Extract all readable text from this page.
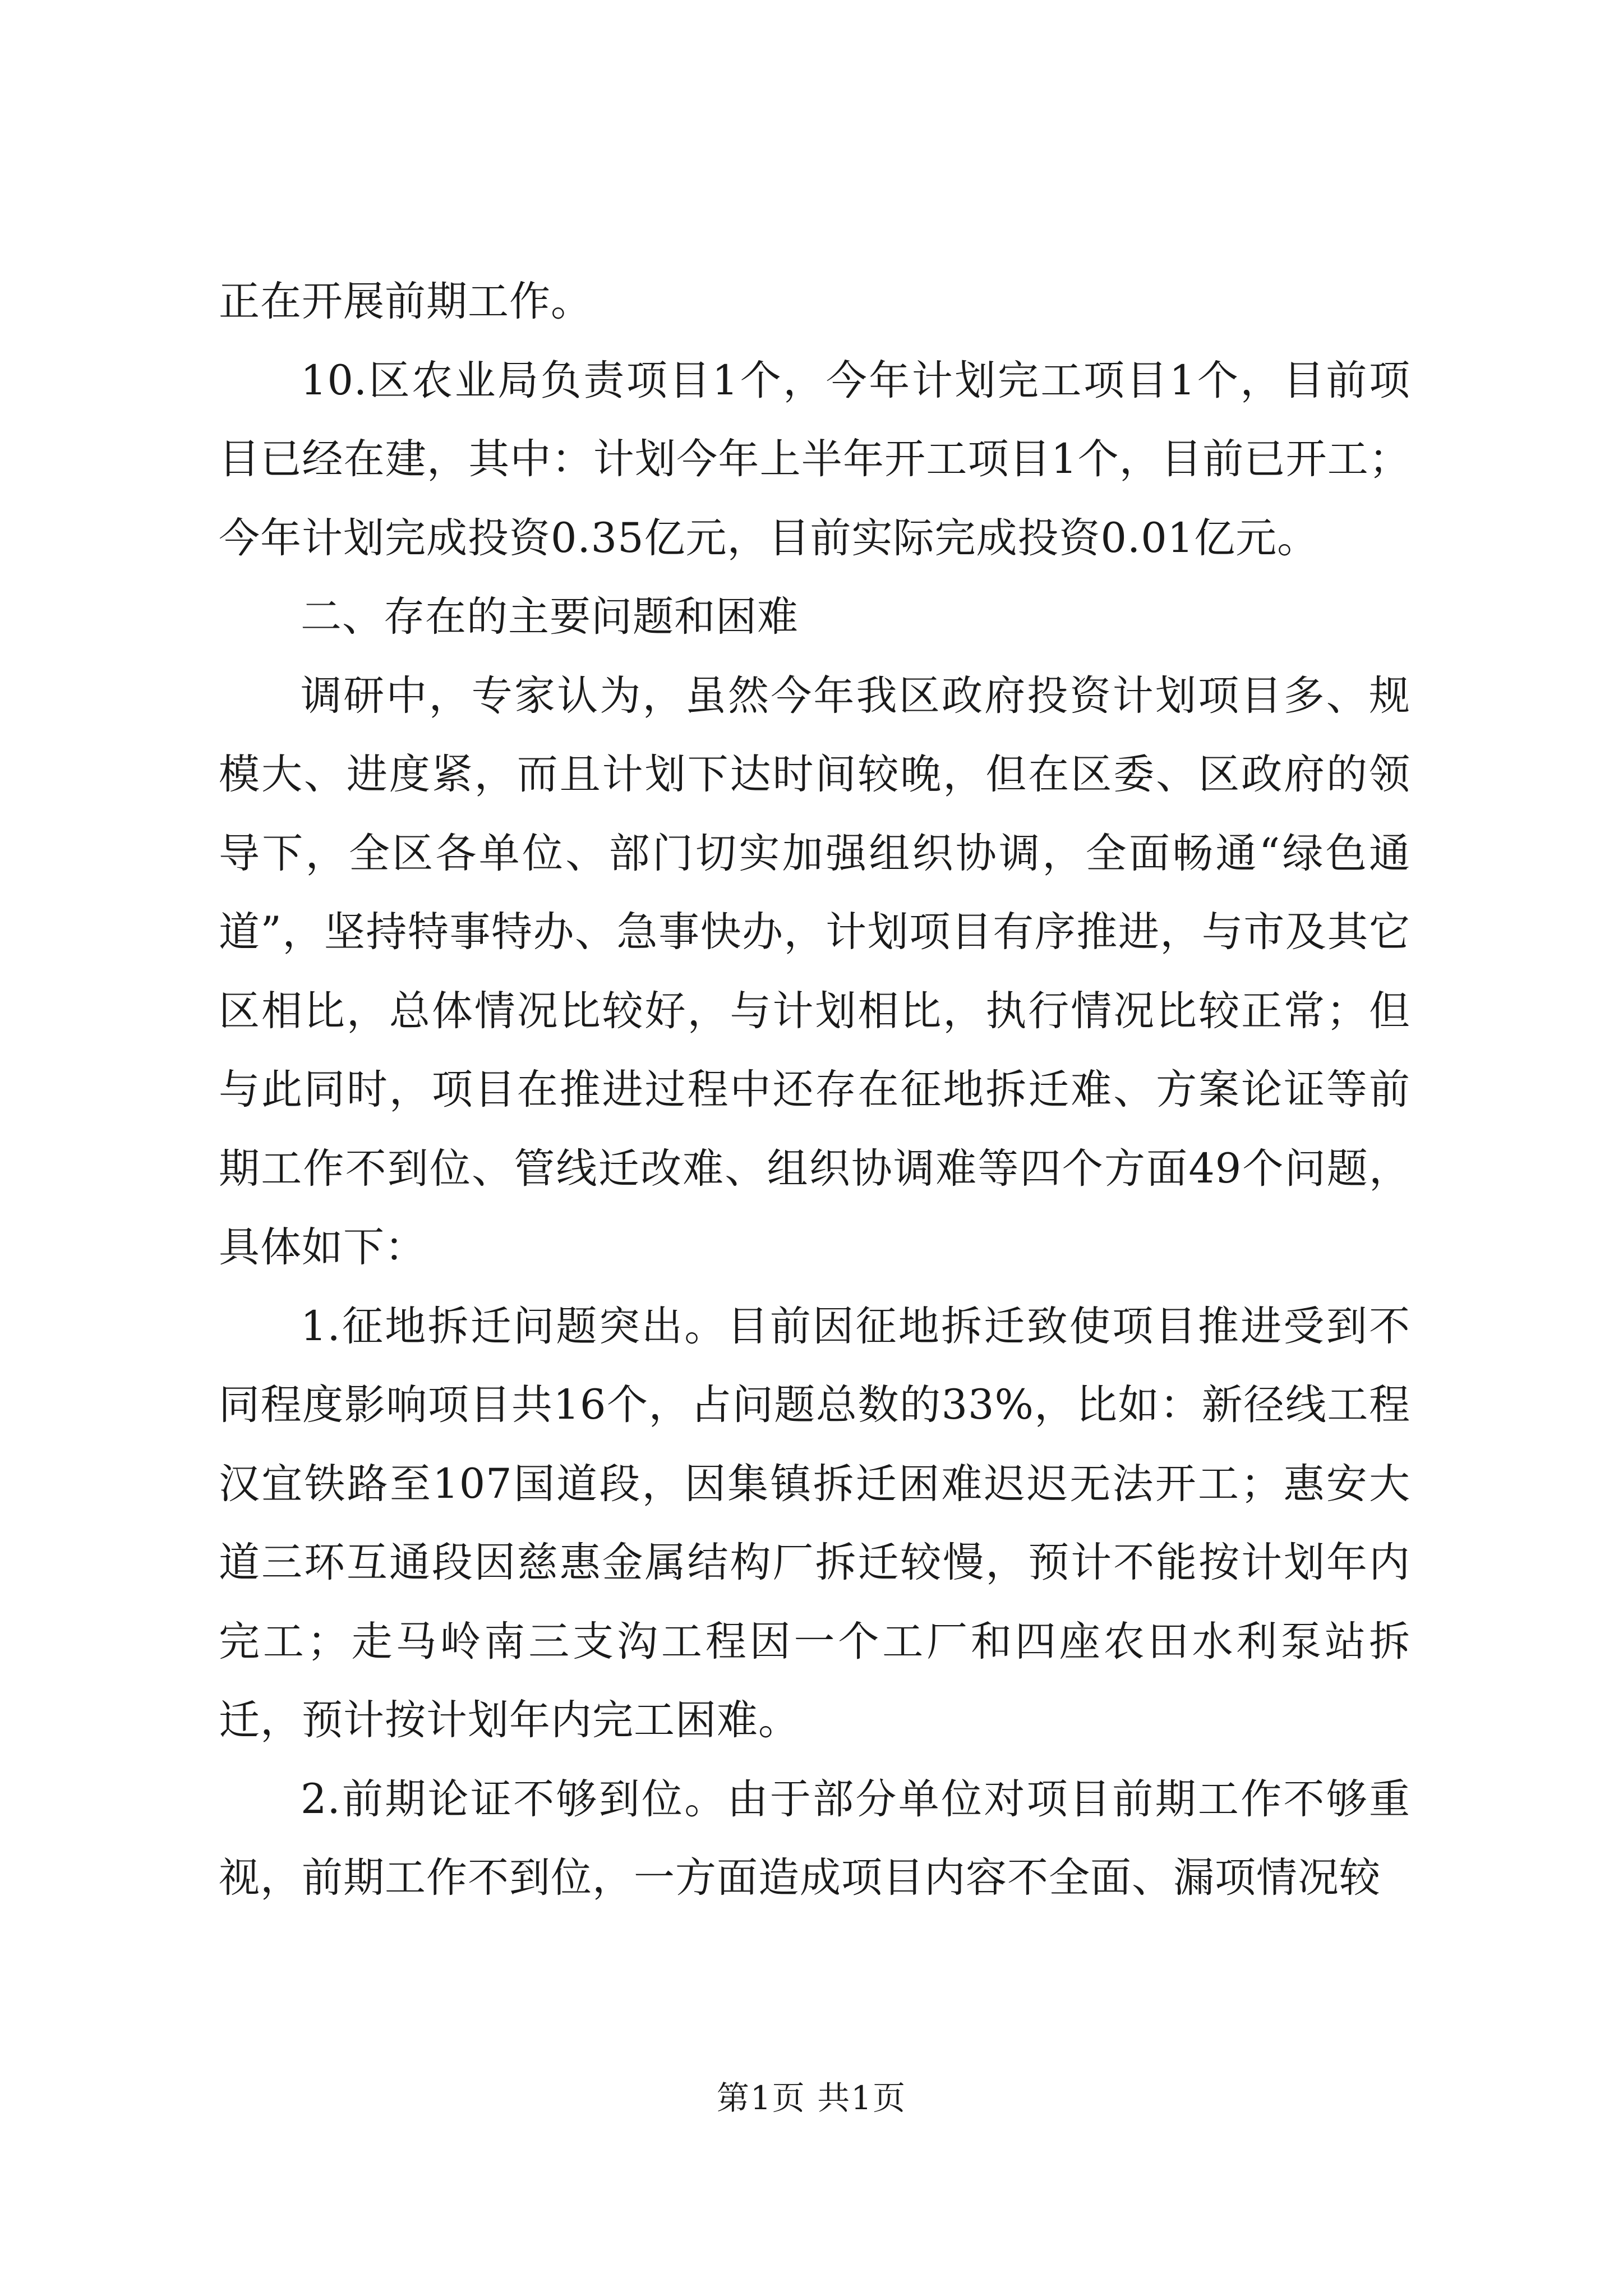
正在开展前期工作。

10.区农业局负责项目1个，今年计划完工项目1个，目前项目已经在建，其中：计划今年上半年开工项目1个，目前已开工；今年计划完成投资0.35亿元，目前实际完成投资0.01亿元。

二、存在的主要问题和困难

调研中，专家认为，虽然今年我区政府投资计划项目多、规模大、进度紧，而且计划下达时间较晚，但在区委、区政府的领导下，全区各单位、部门切实加强组织协调，全面畅通“绿色通道”，坚持特事特办、急事快办，计划项目有序推进，与市及其它区相比，总体情况比较好，与计划相比，执行情况比较正常；但与此同时，项目在推进过程中还存在征地拆迁难、方案论证等前期工作不到位、管线迁改难、组织协调难等四个方面49个问题，具体如下：

1.征地拆迁问题突出。目前因征地拆迁致使项目推进受到不同程度影响项目共16个，占问题总数的33%，比如：新径线工程汉宜铁路至107国道段，因集镇拆迁困难迟迟无法开工；惠安大道三环互通段因慈惠金属结构厂拆迁较慢，预计不能按计划年内完工；走马岭南三支沟工程因一个工厂和四座农田水利泵站拆迁，预计按计划年内完工困难。

2.前期论证不够到位。由于部分单位对项目前期工作不够重视，前期工作不到位，一方面造成项目内容不全面、漏项情况较

第1页 共1页
